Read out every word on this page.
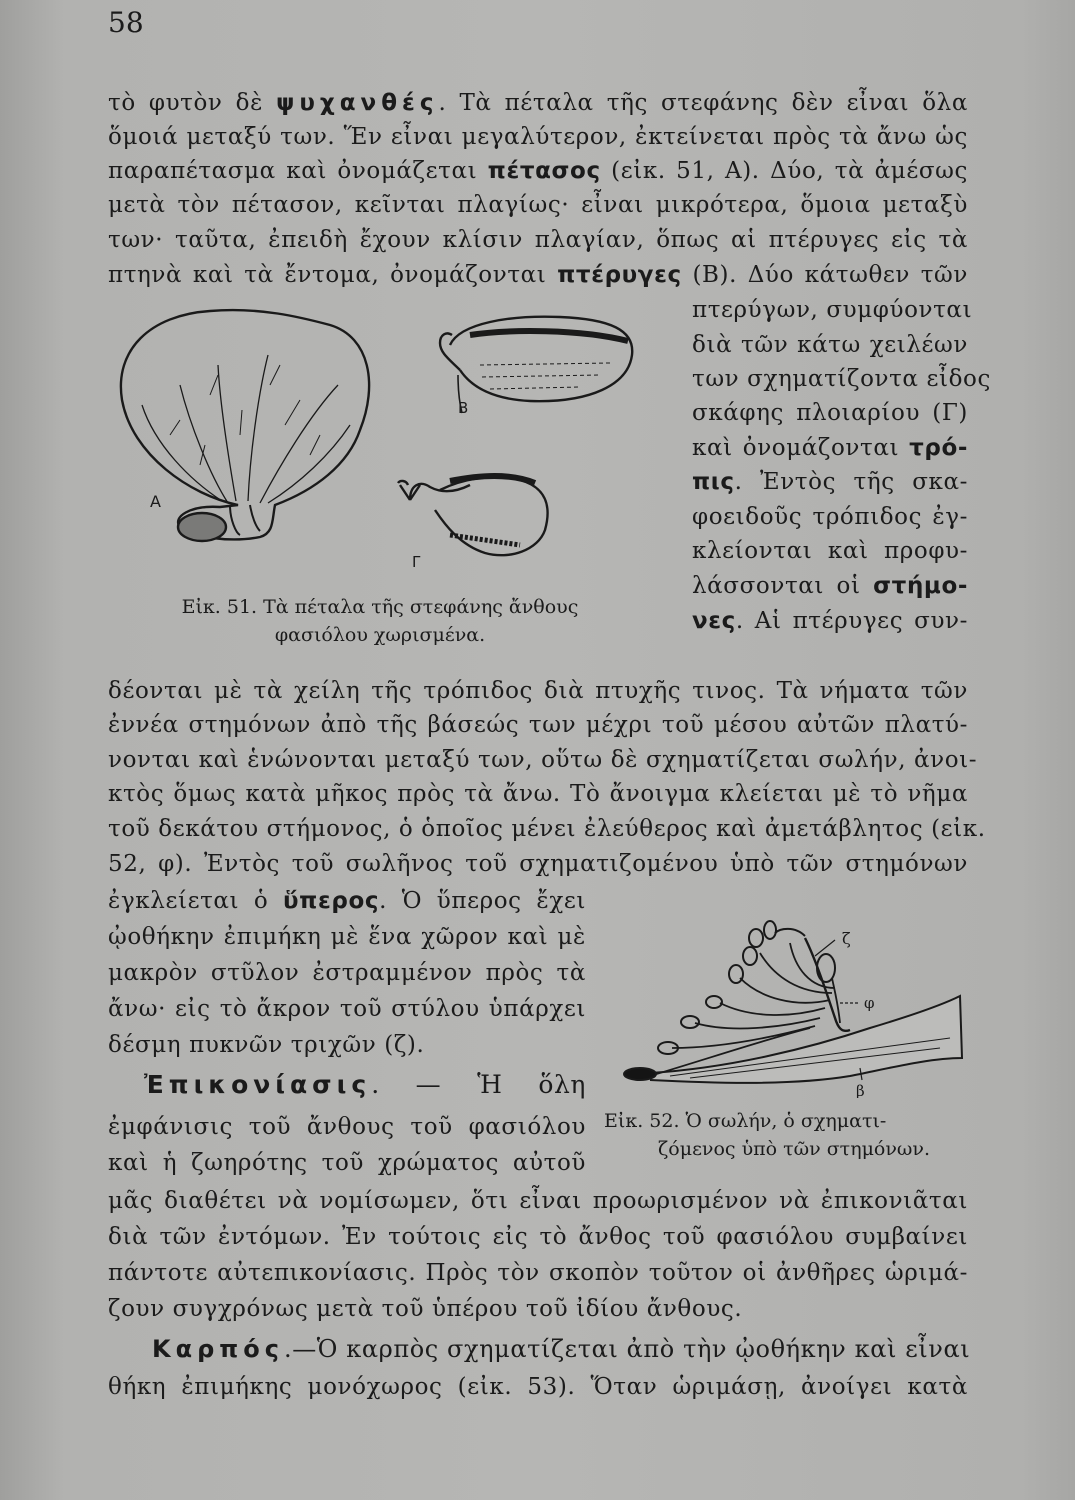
58
τὸ φυτὸν δὲ ψυχανθές. Τὰ πέταλα τῆς στεφάνης δὲν εἶναι ὅλα
ὅμοιά μεταξύ των. Ἕν εἶναι μεγαλύτερον, ἐκτείνεται πρὸς τὰ ἄνω ὡς
παραπέτασμα καὶ ὀνομάζεται πέτασος (εἰκ. 51, Α). Δύο, τὰ ἀμέσως
μετὰ τὸν πέτασον, κεῖνται πλαγίως· εἶναι μικρότερα, ὅμοια μεταξὺ
των· ταῦτα, ἐπειδὴ ἔχουν κλίσιν πλαγίαν, ὅπως αἱ πτέρυγες εἰς τὰ
πτηνὰ καὶ τὰ ἔντομα, ὀνομάζονται πτέρυγες (Β). Δύο κάτωθεν τῶν
πτερύγων, συμφύονται
διὰ τῶν κάτω χειλέων
των σχηματίζοντα εἶδος
σκάφης πλοιαρίου (Γ)
καὶ ὀνομάζονται τρό-
πις. Ἐντὸς τῆς σκα-
φοειδοῦς τρόπιδος ἐγ-
κλείονται καὶ προφυ-
λάσσονται οἱ στήμο-
νες. Αἱ πτέρυγες συν-
Α
Β
Γ
Εἰκ. 51. Τὰ πέταλα τῆς στεφάνης ἄνθους
φασιόλου χωρισμένα.
δέονται μὲ τὰ χείλη τῆς τρόπιδος διὰ πτυχῆς τινος. Τὰ νήματα τῶν
ἐννέα στημόνων ἀπὸ τῆς βάσεώς των μέχρι τοῦ μέσου αὐτῶν πλατύ-
νονται καὶ ἑνώνονται μεταξύ των, οὕτω δὲ σχηματίζεται σωλήν, ἀνοι-
κτὸς ὅμως κατὰ μῆκος πρὸς τὰ ἄνω. Τὸ ἄνοιγμα κλείεται μὲ τὸ νῆμα
τοῦ δεκάτου στήμονος, ὁ ὁποῖος μένει ἐλεύθερος καὶ ἀμετάβλητος (εἰκ.
52, φ). Ἐντὸς τοῦ σωλῆνος τοῦ σχηματιζομένου ὑπὸ τῶν στημόνων
ἐγκλείεται ὁ ὕπερος. Ὁ ὕπερος ἔχει
ᾠοθήκην ἐπιμήκη μὲ ἕνα χῶρον καὶ μὲ
μακρὸν στῦλον ἐστραμμένον πρὸς τὰ
ἄνω· εἰς τὸ ἄκρον τοῦ στύλου ὑπάρχει
δέσμη πυκνῶν τριχῶν (ζ).
Ἐπικονίασις. — Ἡ ὅλη
ἐμφάνισις τοῦ ἄνθους τοῦ φασιόλου
καὶ ἡ ζωηρότης τοῦ χρώματος αὐτοῦ
ζ
φ
β
Εἰκ. 52. Ὁ σωλήν, ὁ σχηματι-
ζόμενος ὑπὸ τῶν στημόνων.
μᾶς διαθέτει νὰ νομίσωμεν, ὅτι εἶναι προωρισμένον νὰ ἐπικονιᾶται
διὰ τῶν ἐντόμων. Ἐν τούτοις εἰς τὸ ἄνθος τοῦ φασιόλου συμβαίνει
πάντοτε αὐτεπικονίασις. Πρὸς τὸν σκοπὸν τοῦτον οἱ ἀνθῆρες ὡριμά-
ζουν συγχρόνως μετὰ τοῦ ὑπέρου τοῦ ἰδίου ἄνθους.
Καρπός.—Ὁ καρπὸς σχηματίζεται ἀπὸ τὴν ᾠοθήκην καὶ εἶναι
θήκη ἐπιμήκης μονόχωρος (εἰκ. 53). Ὅταν ὡριμάσῃ, ἀνοίγει κατὰ
